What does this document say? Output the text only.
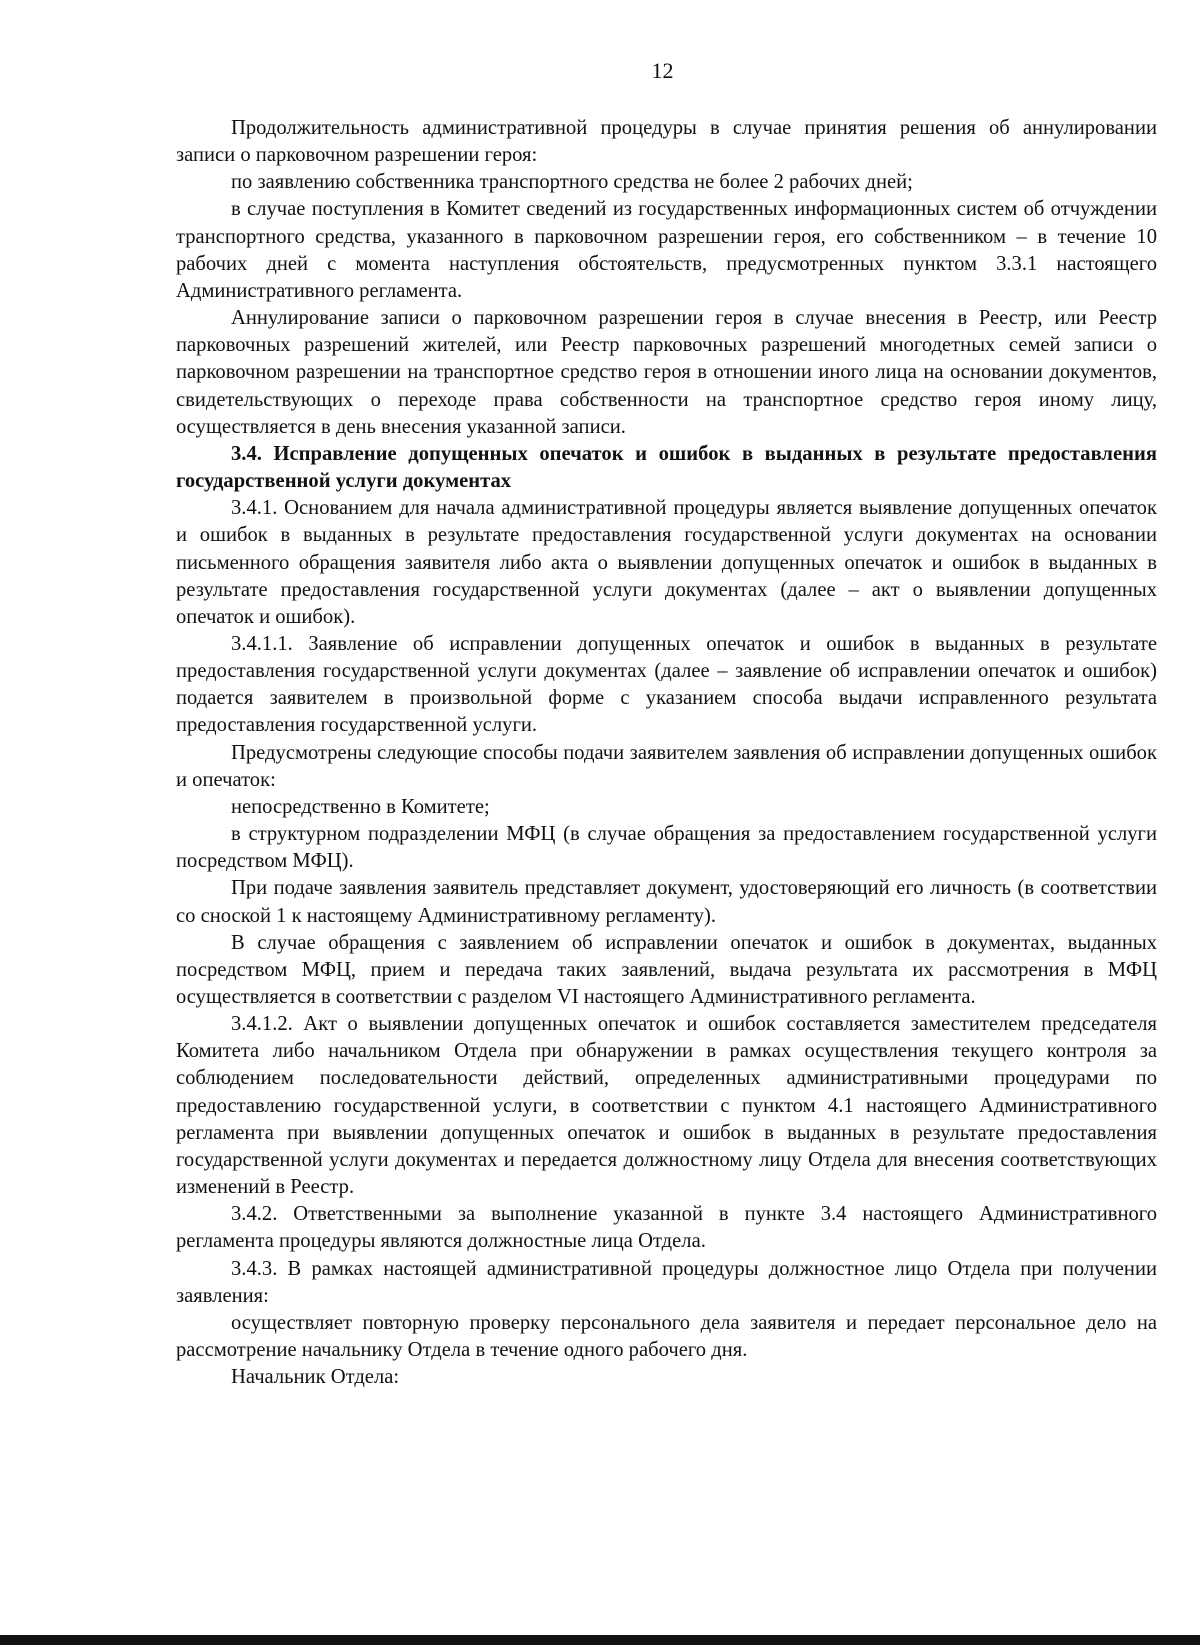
12

Продолжительность административной процедуры в случае принятия решения об аннулировании записи о парковочном разрешении героя:

по заявлению собственника транспортного средства не более 2 рабочих дней;

в случае поступления в Комитет сведений из государственных информационных систем об отчуждении транспортного средства, указанного в парковочном разрешении героя, его собственником – в течение 10 рабочих дней с момента наступления обстоятельств, предусмотренных пунктом 3.3.1 настоящего Административного регламента.

Аннулирование записи о парковочном разрешении героя в случае внесения в Реестр, или Реестр парковочных разрешений жителей, или Реестр парковочных разрешений многодетных семей записи о парковочном разрешении на транспортное средство героя в отношении иного лица на основании документов, свидетельствующих о переходе права собственности на транспортное средство героя иному лицу, осуществляется в день внесения указанной записи.

3.4. Исправление допущенных опечаток и ошибок в выданных в результате предоставления государственной услуги документах

3.4.1. Основанием для начала административной процедуры является выявление допущенных опечаток и ошибок в выданных в результате предоставления государственной услуги документах на основании письменного обращения заявителя либо акта о выявлении допущенных опечаток и ошибок в выданных в результате предоставления государственной услуги документах (далее – акт о выявлении допущенных опечаток и ошибок).

3.4.1.1. Заявление об исправлении допущенных опечаток и ошибок в выданных в результате предоставления государственной услуги документах (далее – заявление об исправлении опечаток и ошибок) подается заявителем в произвольной форме с указанием способа выдачи исправленного результата предоставления государственной услуги.

Предусмотрены следующие способы подачи заявителем заявления об исправлении допущенных ошибок и опечаток:

непосредственно в Комитете;

в структурном подразделении МФЦ (в случае обращения за предоставлением государственной услуги посредством МФЦ).

При подаче заявления заявитель представляет документ, удостоверяющий его личность (в соответствии со сноской 1 к настоящему Административному регламенту).

В случае обращения с заявлением об исправлении опечаток и ошибок в документах, выданных посредством МФЦ, прием и передача таких заявлений, выдача результата их рассмотрения в МФЦ осуществляется в соответствии с разделом VI настоящего Административного регламента.

3.4.1.2. Акт о выявлении допущенных опечаток и ошибок составляется заместителем председателя Комитета либо начальником Отдела при обнаружении в рамках осуществления текущего контроля за соблюдением последовательности действий, определенных административными процедурами по предоставлению государственной услуги, в соответствии с пунктом 4.1 настоящего Административного регламента при выявлении допущенных опечаток и ошибок в выданных в результате предоставления государственной услуги документах и передается должностному лицу Отдела для внесения соответствующих изменений в Реестр.

3.4.2. Ответственными за выполнение указанной в пункте 3.4 настоящего Административного регламента процедуры являются должностные лица Отдела.

3.4.3. В рамках настоящей административной процедуры должностное лицо Отдела при получении заявления:

осуществляет повторную проверку персонального дела заявителя и передает персональное дело на рассмотрение начальнику Отдела в течение одного рабочего дня.

Начальник Отдела:
